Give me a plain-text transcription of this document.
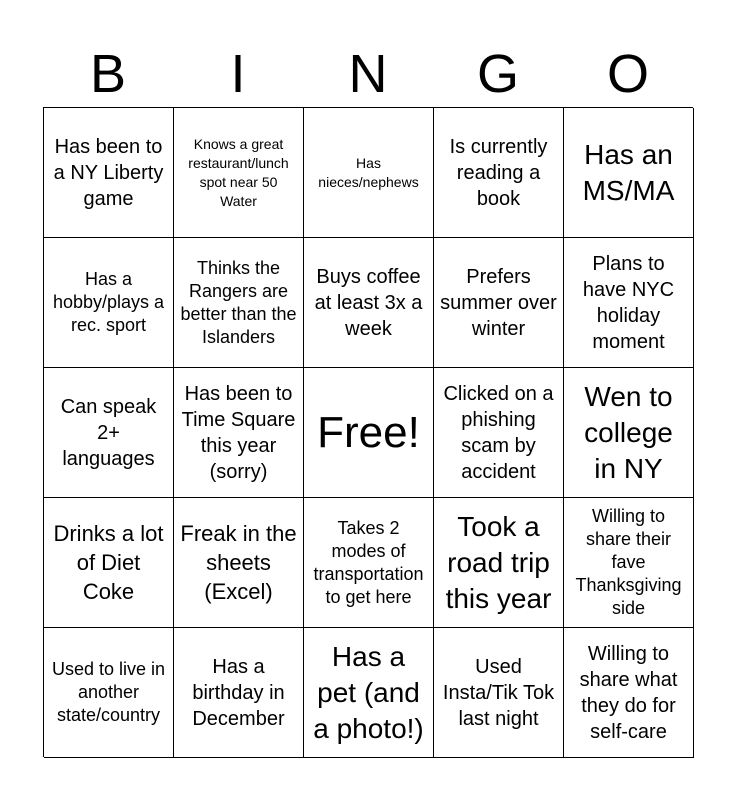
B	I	N	G	O
Has been to a NY Liberty game
Knows a great restaurant/lunch spot near 50 Water
Has nieces/nephews
Is currently reading a book
Has an MS/MA
Has a hobby/plays a rec. sport
Thinks the Rangers are better than the Islanders
Buys coffee at least 3x a week
Prefers summer over winter
Plans to have NYC holiday moment
Can speak 2+ languages
Has been to Time Square this year (sorry)
Free!
Clicked on a phishing scam by accident
Wen to college in NY
Drinks a lot of Diet Coke
Freak in the sheets (Excel)
Takes 2 modes of transportation to get here
Took a road trip this year
Willing to share their fave Thanksgiving side
Used to live in another state/country
Has a birthday in December
Has a pet (and a photo!)
Used Insta/Tik Tok last night
Willing to share what they do for self-care
